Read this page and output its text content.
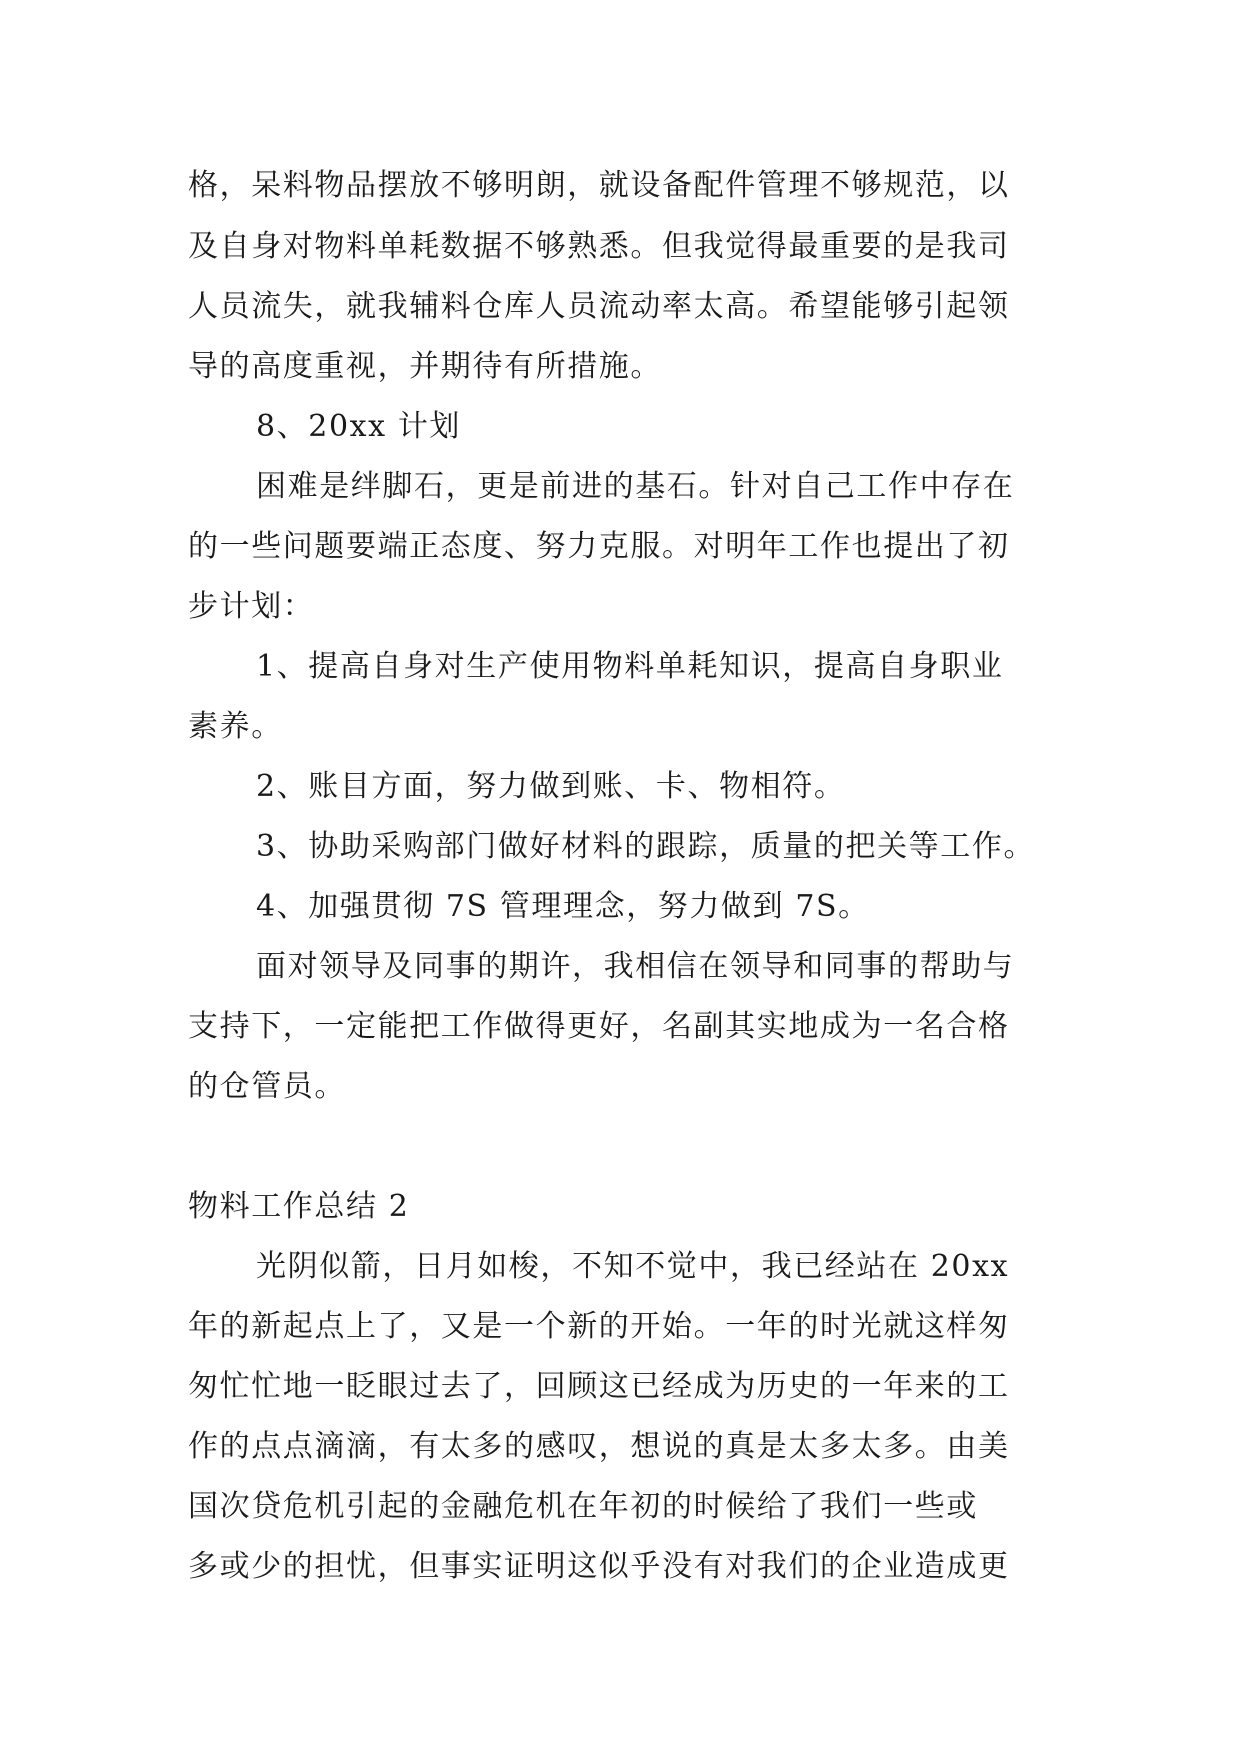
格，呆料物品摆放不够明朗，就设备配件管理不够规范，以
及自身对物料单耗数据不够熟悉。但我觉得最重要的是我司
人员流失，就我辅料仓库人员流动率太高。希望能够引起领
导的高度重视，并期待有所措施。
8、20xx 计划
困难是绊脚石，更是前进的基石。针对自己工作中存在
的一些问题要端正态度、努力克服。对明年工作也提出了初
步计划：
1、提高自身对生产使用物料单耗知识，提高自身职业
素养。
2、账目方面，努力做到账、卡、物相符。
3、协助采购部门做好材料的跟踪，质量的把关等工作。
4、加强贯彻 7S 管理理念，努力做到 7S。
面对领导及同事的期许，我相信在领导和同事的帮助与
支持下，一定能把工作做得更好，名副其实地成为一名合格
的仓管员。
物料工作总结 2
光阴似箭，日月如梭，不知不觉中，我已经站在 20xx
年的新起点上了，又是一个新的开始。一年的时光就这样匆
匆忙忙地一眨眼过去了，回顾这已经成为历史的一年来的工
作的点点滴滴，有太多的感叹，想说的真是太多太多。由美
国次贷危机引起的金融危机在年初的时候给了我们一些或
多或少的担忧，但事实证明这似乎没有对我们的企业造成更
